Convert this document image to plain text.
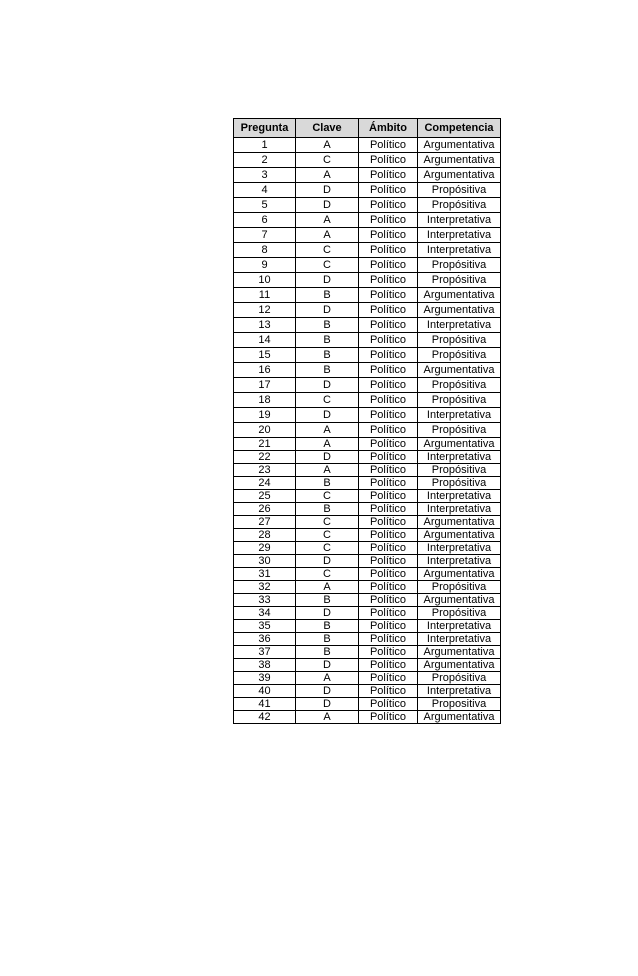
Pregunta	Clave	Ámbito	Competencia
1	A	Político	Argumentativa
2	C	Político	Argumentativa
3	A	Político	Argumentativa
4	D	Político	Propósitiva
5	D	Político	Propósitiva
6	A	Político	Interpretativa
7	A	Político	Interpretativa
8	C	Político	Interpretativa
9	C	Político	Propósitiva
10	D	Político	Propósitiva
11	B	Político	Argumentativa
12	D	Político	Argumentativa
13	B	Político	Interpretativa
14	B	Político	Propósitiva
15	B	Político	Propósitiva
16	B	Político	Argumentativa
17	D	Político	Propósitiva
18	C	Político	Propósitiva
19	D	Político	Interpretativa
20	A	Político	Propósitiva
21	A	Político	Argumentativa
22	D	Político	Interpretativa
23	A	Político	Propósitiva
24	B	Político	Propósitiva
25	C	Político	Interpretativa
26	B	Político	Interpretativa
27	C	Político	Argumentativa
28	C	Político	Argumentativa
29	C	Político	Interpretativa
30	D	Político	Interpretativa
31	C	Político	Argumentativa
32	A	Político	Propósitiva
33	B	Político	Argumentativa
34	D	Político	Propósitiva
35	B	Político	Interpretativa
36	B	Político	Interpretativa
37	B	Político	Argumentativa
38	D	Político	Argumentativa
39	A	Político	Propósitiva
40	D	Político	Interpretativa
41	D	Político	Propositiva
42	A	Político	Argumentativa
